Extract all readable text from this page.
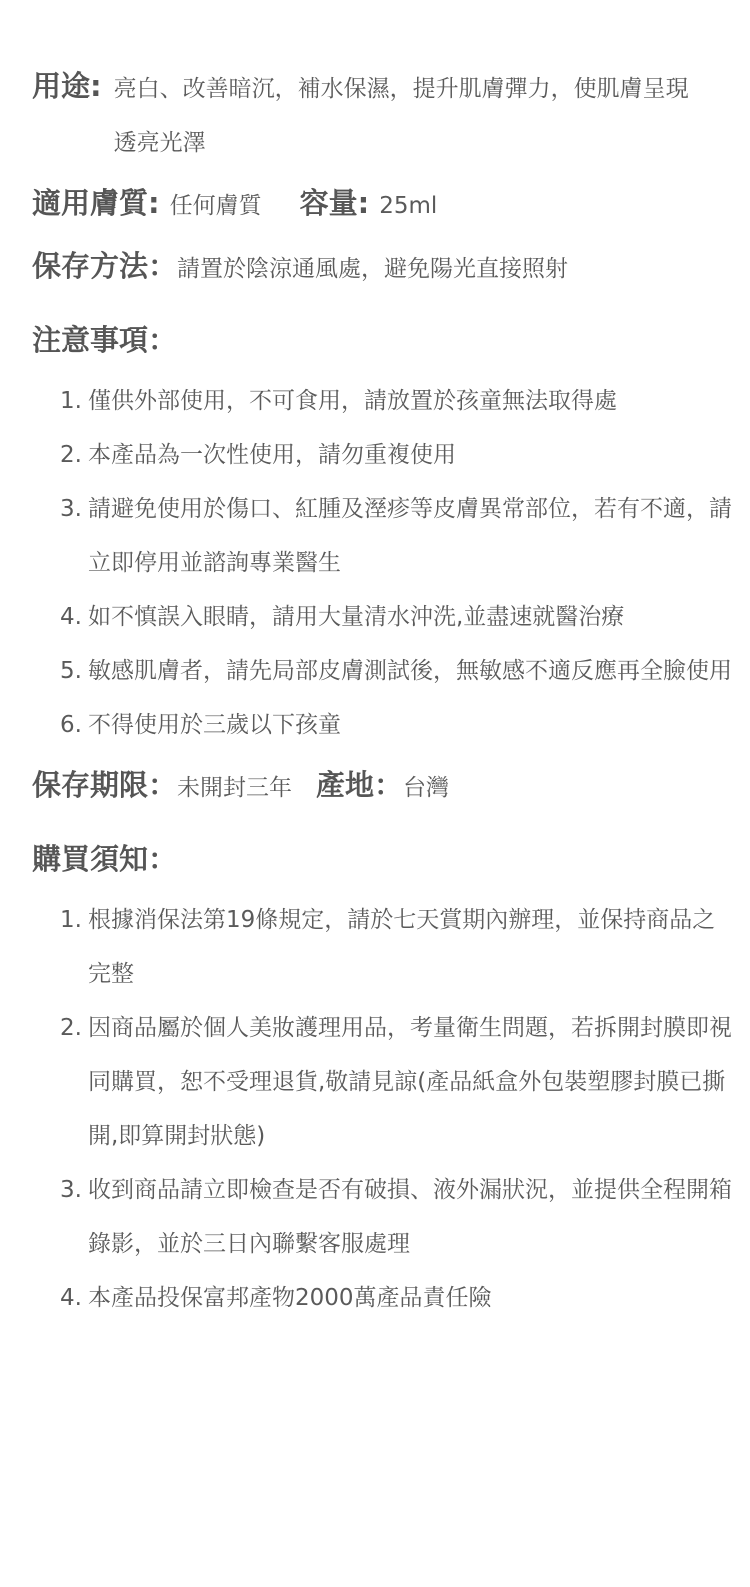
用途: 亮白、改善暗沉，補水保濕，提升肌膚彈力，使肌膚呈現透亮光澤
適用膚質: 任何膚質 容量: 25ml
保存方法： 請置於陰涼通風處，避免陽光直接照射
注意事項：
1. 僅供外部使用，不可食用，請放置於孩童無法取得處
2. 本產品為一次性使用，請勿重複使用
3. 請避免使用於傷口、紅腫及溼疹等皮膚異常部位，若有不適，請立即停用並諮詢專業醫生
4. 如不慎誤入眼睛，請用大量清水沖洗,並盡速就醫治療
5. 敏感肌膚者，請先局部皮膚測試後，無敏感不適反應再全臉使用
6. 不得使用於三歲以下孩童
保存期限： 未開封三年 產地： 台灣
購買須知：
1. 根據消保法第19條規定，請於七天賞期內辦理，並保持商品之完整
2. 因商品屬於個人美妝護理用品，考量衛生問題，若拆開封膜即視同購買，恕不受理退貨,敬請見諒(產品紙盒外包裝塑膠封膜已撕開,即算開封狀態)
3. 收到商品請立即檢查是否有破損、液外漏狀況，並提供全程開箱錄影，並於三日內聯繫客服處理
4. 本產品投保富邦產物2000萬產品責任險
